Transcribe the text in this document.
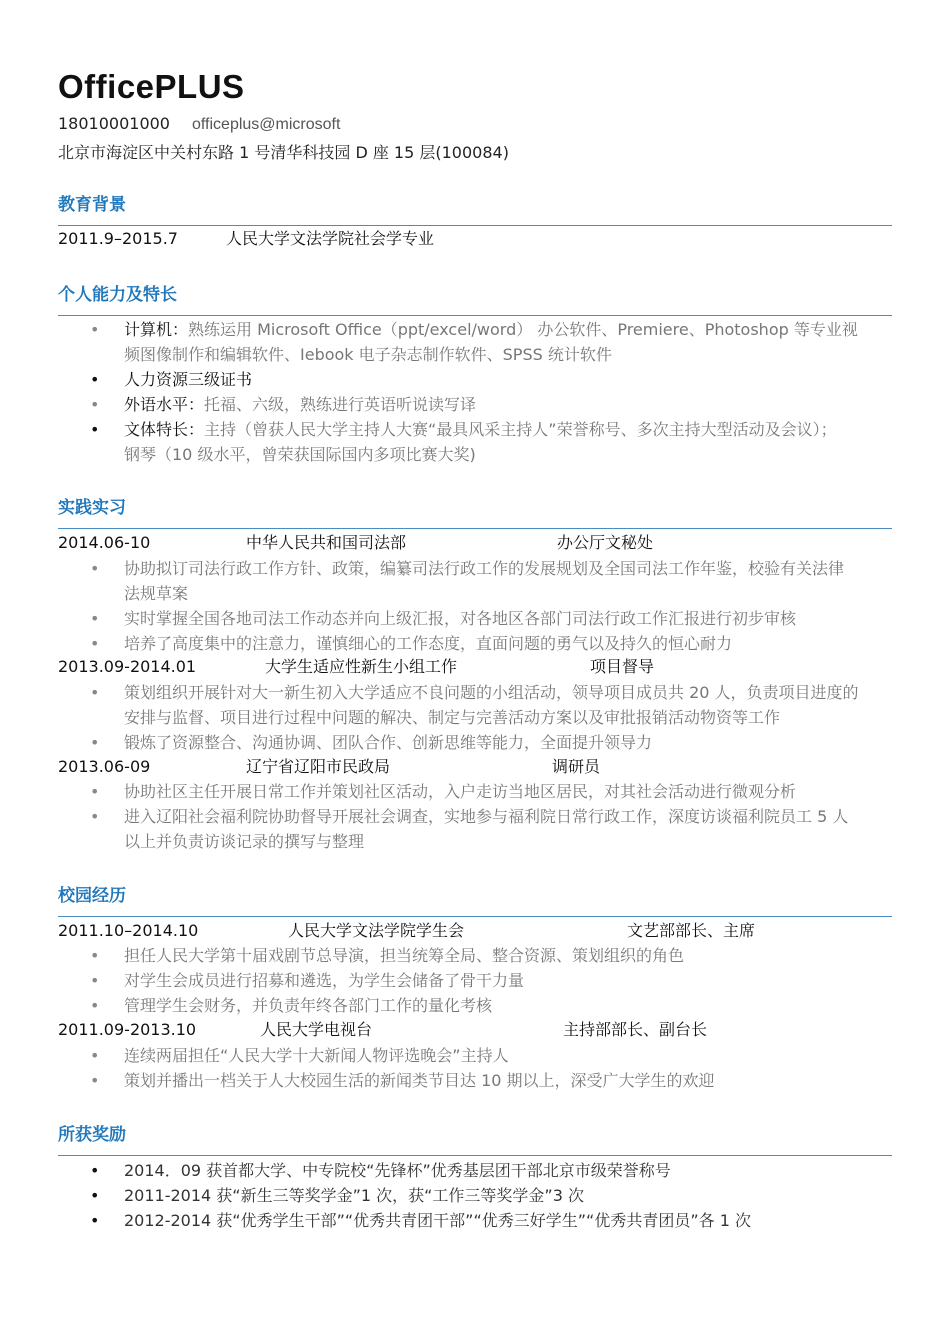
OfficePLUS
18010001000 officeplus@microsoft
北京市海淀区中关村东路 1 号清华科技园 D 座 15 层(100084)
教育背景
2011.9–2015.7	人民大学文法学院社会学专业
个人能力及特长
• 计算机：熟练运用 Microsoft Office（ppt/excel/word） 办公软件、Premiere、Photoshop 等专业视
频图像制作和编辑软件、Iebook 电子杂志制作软件、SPSS 统计软件
• 人力资源三级证书
• 外语水平：托福、六级，熟练进行英语听说读写译
• 文体特长：主持（曾获人民大学主持人大赛“最具风采主持人”荣誉称号、多次主持大型活动及会议）；
钢琴（10 级水平，曾荣获国际国内多项比赛大奖)
实践实习
2014.06-10	中华人民共和国司法部	办公厅文秘处
• 协助拟订司法行政工作方针、政策，编纂司法行政工作的发展规划及全国司法工作年鉴，校验有关法律
法规草案
• 实时掌握全国各地司法工作动态并向上级汇报，对各地区各部门司法行政工作汇报进行初步审核
• 培养了高度集中的注意力，谨慎细心的工作态度，直面问题的勇气以及持久的恒心耐力
2013.09-2014.01	大学生适应性新生小组工作	项目督导
• 策划组织开展针对大一新生初入大学适应不良问题的小组活动，领导项目成员共 20 人，负责项目进度的
安排与监督、项目进行过程中问题的解决、制定与完善活动方案以及审批报销活动物资等工作
• 锻炼了资源整合、沟通协调、团队合作、创新思维等能力，全面提升领导力
2013.06-09	辽宁省辽阳市民政局	调研员
• 协助社区主任开展日常工作并策划社区活动，入户走访当地区居民，对其社会活动进行微观分析
• 进入辽阳社会福利院协助督导开展社会调查，实地参与福利院日常行政工作，深度访谈福利院员工 5 人
以上并负责访谈记录的撰写与整理
校园经历
2011.10–2014.10	人民大学文法学院学生会	文艺部部长、主席
• 担任人民大学第十届戏剧节总导演，担当统筹全局、整合资源、策划组织的角色
• 对学生会成员进行招募和遴选，为学生会储备了骨干力量
• 管理学生会财务，并负责年终各部门工作的量化考核
2011.09-2013.10	人民大学电视台	主持部部长、副台长
• 连续两届担任“人民大学十大新闻人物评选晚会”主持人
• 策划并播出一档关于人大校园生活的新闻类节目达 10 期以上，深受广大学生的欢迎
所获奖励
• 2014．09 获首都大学、中专院校“先锋杯”优秀基层团干部北京市级荣誉称号
• 2011-2014 获“新生三等奖学金”1 次，获“工作三等奖学金”3 次
• 2012-2014 获“优秀学生干部”“优秀共青团干部”“优秀三好学生”“优秀共青团员”各 1 次
